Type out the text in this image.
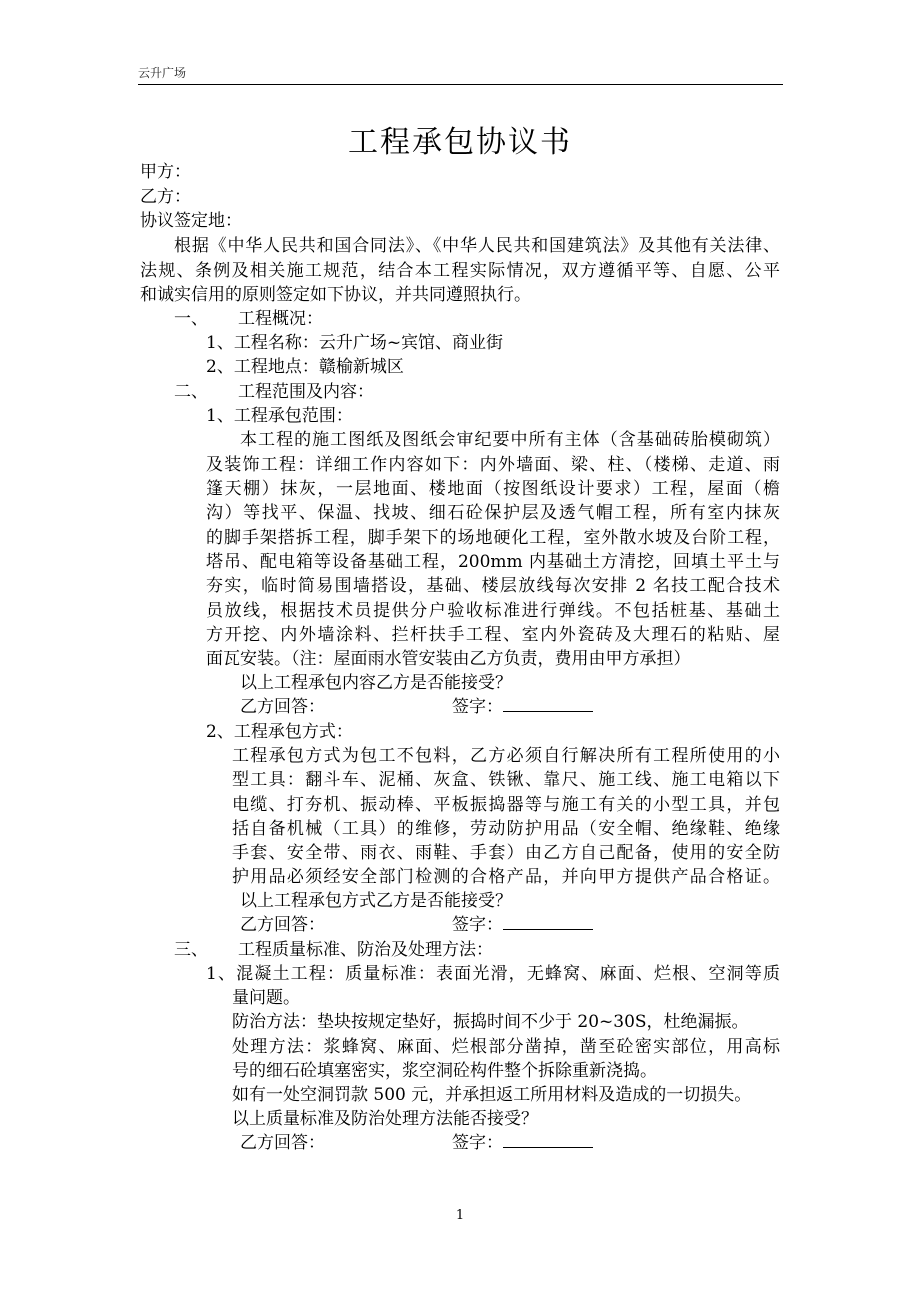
云升广场
工程承包协议书
甲方：
乙方：
协议签定地：
根据《中华人民共和国合同法》、《中华人民共和国建筑法》及其他有关法律、
法规、条例及相关施工规范，结合本工程实际情况，双方遵循平等、自愿、公平
和诚实信用的原则签定如下协议，并共同遵照执行。
一、 工程概况：
1、工程名称：云升广场~宾馆、商业街
2、工程地点：赣榆新城区
二、 工程范围及内容：
1、工程承包范围：
本工程的施工图纸及图纸会审纪要中所有主体（含基础砖胎模砌筑）
及装饰工程：详细工作内容如下：内外墙面、梁、柱、（楼梯、走道、雨
篷天棚）抹灰，一层地面、楼地面（按图纸设计要求）工程，屋面（檐
沟）等找平、保温、找坡、细石砼保护层及透气帽工程，所有室内抹灰
的脚手架搭拆工程，脚手架下的场地硬化工程，室外散水坡及台阶工程，
塔吊、配电箱等设备基础工程，200mm 内基础土方清挖，回填土平土与
夯实，临时简易围墙搭设，基础、楼层放线每次安排 2 名技工配合技术
员放线，根据技术员提供分户验收标准进行弹线。不包括桩基、基础土
方开挖、内外墙涂料、拦杆扶手工程、室内外瓷砖及大理石的粘贴、屋
面瓦安装。（注：屋面雨水管安装由乙方负责，费用由甲方承担）
以上工程承包内容乙方是否能接受？
乙方回答：	签字：
2、工程承包方式：
工程承包方式为包工不包料，乙方必须自行解决所有工程所使用的小
型工具：翻斗车、泥桶、灰盒、铁锹、靠尺、施工线、施工电箱以下
电缆、打夯机、振动棒、平板振捣器等与施工有关的小型工具，并包
括自备机械（工具）的维修，劳动防护用品（安全帽、绝缘鞋、绝缘
手套、安全带、雨衣、雨鞋、手套）由乙方自己配备，使用的安全防
护用品必须经安全部门检测的合格产品，并向甲方提供产品合格证。
以上工程承包方式乙方是否能接受？
乙方回答：	签字：
三、 工程质量标准、防治及处理方法：
1、混凝土工程：质量标准：表面光滑，无蜂窝、麻面、烂根、空洞等质
量问题。
防治方法：垫块按规定垫好，振捣时间不少于 20~30S，杜绝漏振。
处理方法：浆蜂窝、麻面、烂根部分凿掉，凿至砼密实部位，用高标
号的细石砼填塞密实，浆空洞砼构件整个拆除重新浇捣。
如有一处空洞罚款 500 元，并承担返工所用材料及造成的一切损失。
以上质量标准及防治处理方法能否接受？
乙方回答：	签字：
1
